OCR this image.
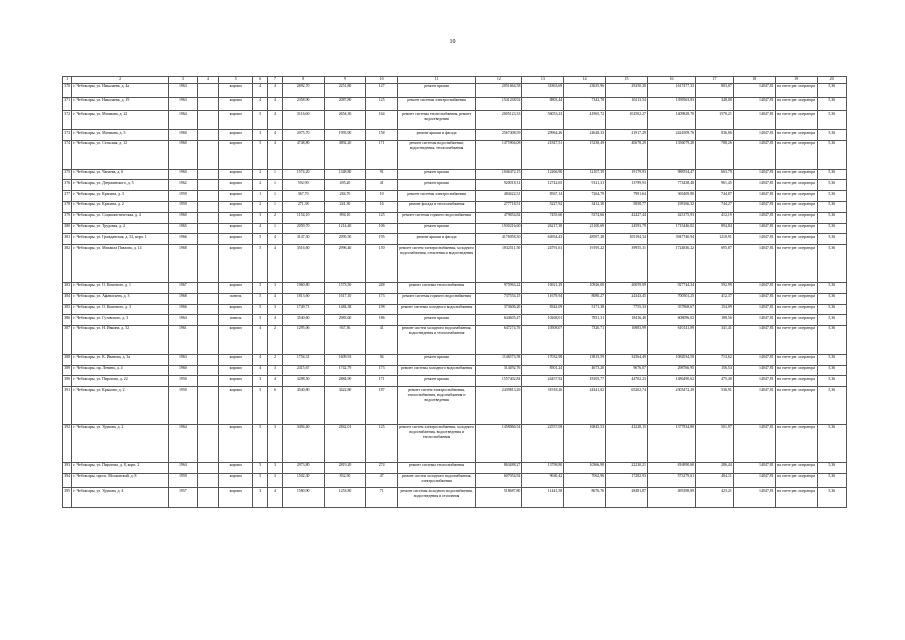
10
1	2	3	4	5	6	7	8	9	10	11	12	13	14	15	16	17	18	19	20
370	г. Чебоксары, ул. Николаева, д. 4а	1963		кирпич	4	4	2692,70	2251,80	127	ремонт крыши	2051664,58	31863,69	23635,96	29250,30	1617477,33	803,07	14047,81	на счете рег. оператора	5,36
371	г. Чебоксары, ул. Николаева, д. 19	1963		кирпич	4	4	2358,90	2087,80	125	ремонт системы электроснабжения	1541238,92	8803,44	7343,78	10213,54	1399563,83	348,08	14047,81	на счете рег. оператора	5,36
372	г. Чебоксары, ул. Мичмана, д. 22	1964		кирпич	5	4	3116,60	2654,30	164	ремонт системы теплоснабжения, ремонт водоотведения	2005123,33	56053,23	41965,72	102502,27	1409828,70	1578,21	14047,81	на счете рег. оператора	5,36
373	г. Чебоксары, ул. Мичмана, д. 5	1960		кирпич	3	4	2075,70	1993,90	158	ремонт крыши и фасада	2567408,59	29964,26	24628,33	21917,29	2424509,76	836,06	14047,81	на счете рег. оператора	5,36
374	г. Чебоксары, ул. Сельская, д. 12	1960		кирпич	5	4	4748,80	3892,20	171	ремонт системы водоснабжения, водоотведения, теплоснабжения	1475904,08	21847,51	15238,49	40678,29	1356079,28	788,26	14047,81	на счете рег. оператора	5,36
375	г. Чебоксары, ул. Чапаева, д. 6	1960		кирпич	2	1	1574,20	1348,80	91	ремонт крыши	1046472,15	12266,90	12107,39	19179,93	988554,47	663,79	14047,81	на счете рег. оператора	5,36
376	г. Чебоксары, ул. Дзержинского, д. 5	1962		кирпич	2	1	592,90	495,20	41	ремонт крыши	920018,31	12742,65	9121,31	13799,93	773438,48	961,45	14047,81	на счете рег. оператора	5,36
377	г. Чебоксары, ул. Красина, д. 3	1959		кирпич	1	1	367,70	284,70	10	ремонт системы электроснабжения	484422,51	8567,14	7264,79	7991,64	365409,80	744,87	14047,81	на счете рег. оператора	5,36
378	г. Чебоксары, ул. Красина, д. 2	1959		кирпич	2	1	271,38	241,30	16	ремонт фасада и теплоснабжения	277718,51	5227,92	3412,30	5858,77	198166,52	744,27	14047,81	на счете рег. оператора	5,36
379	г. Чебоксары, ул. Социалистическая, д. 4	1960		кирпич	3	2	1154,10	894,10	125	ремонт системы горячего водоснабжения	479854,82	7455,60	5374,66	42427,44	423175,93	412,19	14047,81	на счете рег. оператора	5,36
380	г. Чебоксары, ул. Трудовая, д. 2	1965		кирпич	4	1	2059,70	1214,40	106	ремонт крыши	1930216,60	26217,38	21100,69	24593,79	1715446,02	894,84	14047,81	на счете рег. оператора	5,36
381	г. Чебоксары, ул. Гражданская, д. 52, корп. 1	1966		кирпич	5	4	3147,30	2995,50	195	ремонт крыши и фасада	4176958,30	64954,45	48597,28	105194,34	3947740,94	1218,91	14047,81	на счете рег. оператора	5,36
382	г. Чебоксары, ул. Михаила Павлова, д. 14	1968		кирпич	5	4	3516,60	2996,40	150	ремонт систем электроснабжения, холодного водоснабжения, отопления и водоотведения	1832511,50	24791,61	19195,22	39955,31	1724836,22	695,87	14047,81	на счете рег. оператора	5,36
383	г. Чебоксары, ул. О. Кошевого, д. 1	1967		кирпич	5	3	1960,80	1573,50	248	ремонт системы теплоснабжения	975963,22	16921,29	10926,00	20059,99	927744,34	592,99	14047,81	на счете рег. оператора	5,36
384	г. Чебоксары, ул. Афанасьева, д. 3	1968		панель	5	4	1813,60	1617,10	173	ремонт системы горячего водоснабжения	737554,15	11679,94	8080,27	24343,45	700501,25	412,37	14047,81	на счете рег. оператора	5,36
385	г. Чебоксары, ул. О. Кошевого, д. 3	1966		кирпич	5	3	1749,71	1484,38	198	ремонт системы холодного водоснабжения	373606,20	8342,09	5171,38	7755,33	357868,67	154,09	14047,81	на счете рег. оператора	5,36
386	г. Чебоксары, ул. Гузовского, д. 3	1964		панель	5	4	3540,60	2983,60	186	ремонт крыши	644605,47	10268,01	7851,31	18416,40	608096,02	188,56	14047,81	на счете рег. оператора	5,36
387	г. Чебоксары, ул. Н. Ивкина, д. 52	1961		кирпич	4	2	1295,06	947,36	41	ремонт систем холодного водоснабжения, водоотведения и теплоснабжения	647274,76	10508,07	7320,71	16983,99	610141,89	341,41	14047,81	на счете рег. оператора	5,36
388	г. Чебоксары, ул. К. Иванова, д. 3а	1963		кирпич	4	2	1754,31	1609,93	94	ремонт крыши	1146573,58	17032,98	13815,59	32564,49	1082034,58	713,62	14047,81	на счете рег. оператора	5,36
389	г. Чебоксары, пр. Ленина, д. 4	1960		кирпич	4	3	2415,67	1742,79	173	ремонт системы холодного водоснабжения	314492,76	8501,24	4673,20	9676,07	298766,95	156,54	14047,81	на счете рег. оператора	5,36
390	г. Чебоксары, ул. Пирогова, д. 22	1950		кирпич	3	4	3288,50	2884,90	171	ремонт крыши	1557402,84	24457,92	18105,77	44702,23	1486490,62	475,40	14047,81	на счете рег. оператора	5,36
391	г. Чебоксары, ул. Крылова, д. 2	1950		кирпич	5	6	4540,80	3422,80	187	ремонт систем электроснабжения, теплоснабжения, водоснабжения и водоотведения	2439813,26	31918,26	24341,02	65202,74	2303472,29	536,91	14047,81	на счете рег. оператора	5,36
392	г. Чебоксары, ул. Урукова, д. 2	1964		кирпич	5	3	3494,40	2842,01	125	ремонт систем электроснабжения, холодного водоснабжения, водоотведения и теплоснабжения	1458066,54	22557,08	16845,53	41228,15	1377834,80	501,97	14047,81	на счете рег. оператора	5,36
393	г. Чебоксары, ул. Пирогова, д. 8, корп. 2	1964		кирпич	5	3	2973,80	2819,20	274	ремонт системы теплоснабжения	863488,27	13798,80	10366,98	22230,21	816890,60	286,44	14047,81	на счете рег. оператора	5,36
394	г. Чебоксары, просп. Московский, д. 8	1959		кирпич	5	3	1502,30	832,50	47	ремонт систем холодного водоснабжения, электроснабжения	607054,92	9630,42	7062,96	17282,93	573279,61	404,11	14047,81	на счете рег. оператора	5,36
395	г. Чебоксары, ул. Урукова, д. 4	1957		кирпич	3	4	1580,90	1253,80	71	ремонт системы холодного водоснабжения, водоотведения и отопления	518687,80	11441,58	8676,76	28481,87	495398,89	423,21	14047,81	на счете рег. оператора	5,36
